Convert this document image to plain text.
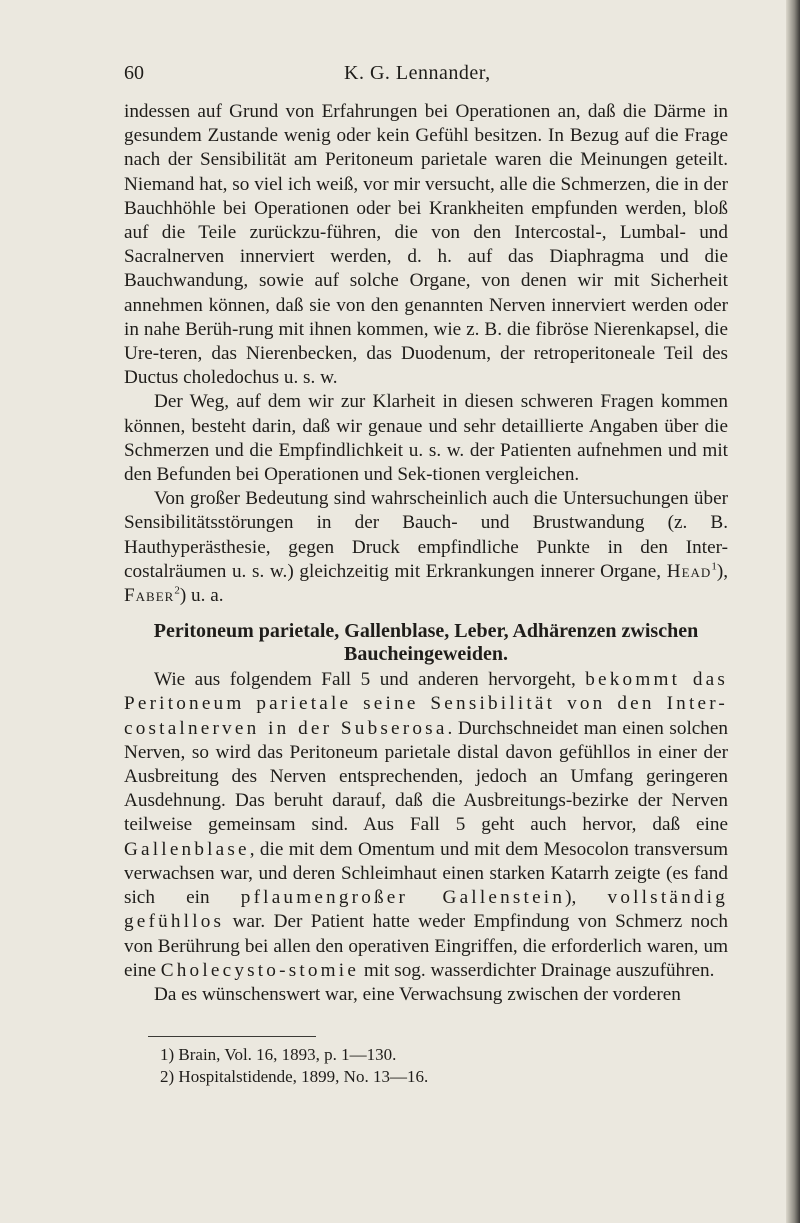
60	K. G. Lennander,

indessen auf Grund von Erfahrungen bei Operationen an, daß die Därme in gesundem Zustande wenig oder kein Gefühl besitzen. In Bezug auf die Frage nach der Sensibilität am Peritoneum parietale waren die Meinungen geteilt. Niemand hat, so viel ich weiß, vor mir versucht, alle die Schmerzen, die in der Bauchhöhle bei Operationen oder bei Krankheiten empfunden werden, bloß auf die Teile zurückzu-führen, die von den Intercostal-, Lumbal- und Sacralnerven innerviert werden, d. h. auf das Diaphragma und die Bauchwandung, sowie auf solche Organe, von denen wir mit Sicherheit annehmen können, daß sie von den genannten Nerven innerviert werden oder in nahe Berüh-rung mit ihnen kommen, wie z. B. die fibröse Nierenkapsel, die Ure-teren, das Nierenbecken, das Duodenum, der retroperitoneale Teil des Ductus choledochus u. s. w.

Der Weg, auf dem wir zur Klarheit in diesen schweren Fragen kommen können, besteht darin, daß wir genaue und sehr detaillierte Angaben über die Schmerzen und die Empfindlichkeit u. s. w. der Patienten aufnehmen und mit den Befunden bei Operationen und Sek-tionen vergleichen.

Von großer Bedeutung sind wahrscheinlich auch die Untersuchungen über Sensibilitätsstörungen in der Bauch- und Brustwandung (z. B. Hauthyperästhesie, gegen Druck empfindliche Punkte in den Inter-costalräumen u. s. w.) gleichzeitig mit Erkrankungen innerer Organe, Head$^1$), Faber$^2$) u. a.

Peritoneum parietale, Gallenblase, Leber, Adhärenzen zwischen
Baucheingeweiden.

Wie aus folgendem Fall 5 und anderen hervorgeht, bekommt das Peritoneum parietale seine Sensibilität von den Inter-costalnerven in der Subserosa. Durchschneidet man einen solchen Nerven, so wird das Peritoneum parietale distal davon gefühllos in einer der Ausbreitung des Nerven entsprechenden, jedoch an Umfang geringeren Ausdehnung. Das beruht darauf, daß die Ausbreitungs-bezirke der Nerven teilweise gemeinsam sind. Aus Fall 5 geht auch hervor, daß eine Gallenblase, die mit dem Omentum und mit dem Mesocolon transversum verwachsen war, und deren Schleimhaut einen starken Katarrh zeigte (es fand sich ein pflaumengroßer Gallenstein), vollständig gefühllos war. Der Patient hatte weder Empfindung von Schmerz noch von Berührung bei allen den operativen Eingriffen, die erforderlich waren, um eine Cholecysto-stomie mit sog. wasserdichter Drainage auszuführen.

Da es wünschenswert war, eine Verwachsung zwischen der vorderen

1) Brain, Vol. 16, 1893, p. 1—130.
2) Hospitalstidende, 1899, No. 13—16.
